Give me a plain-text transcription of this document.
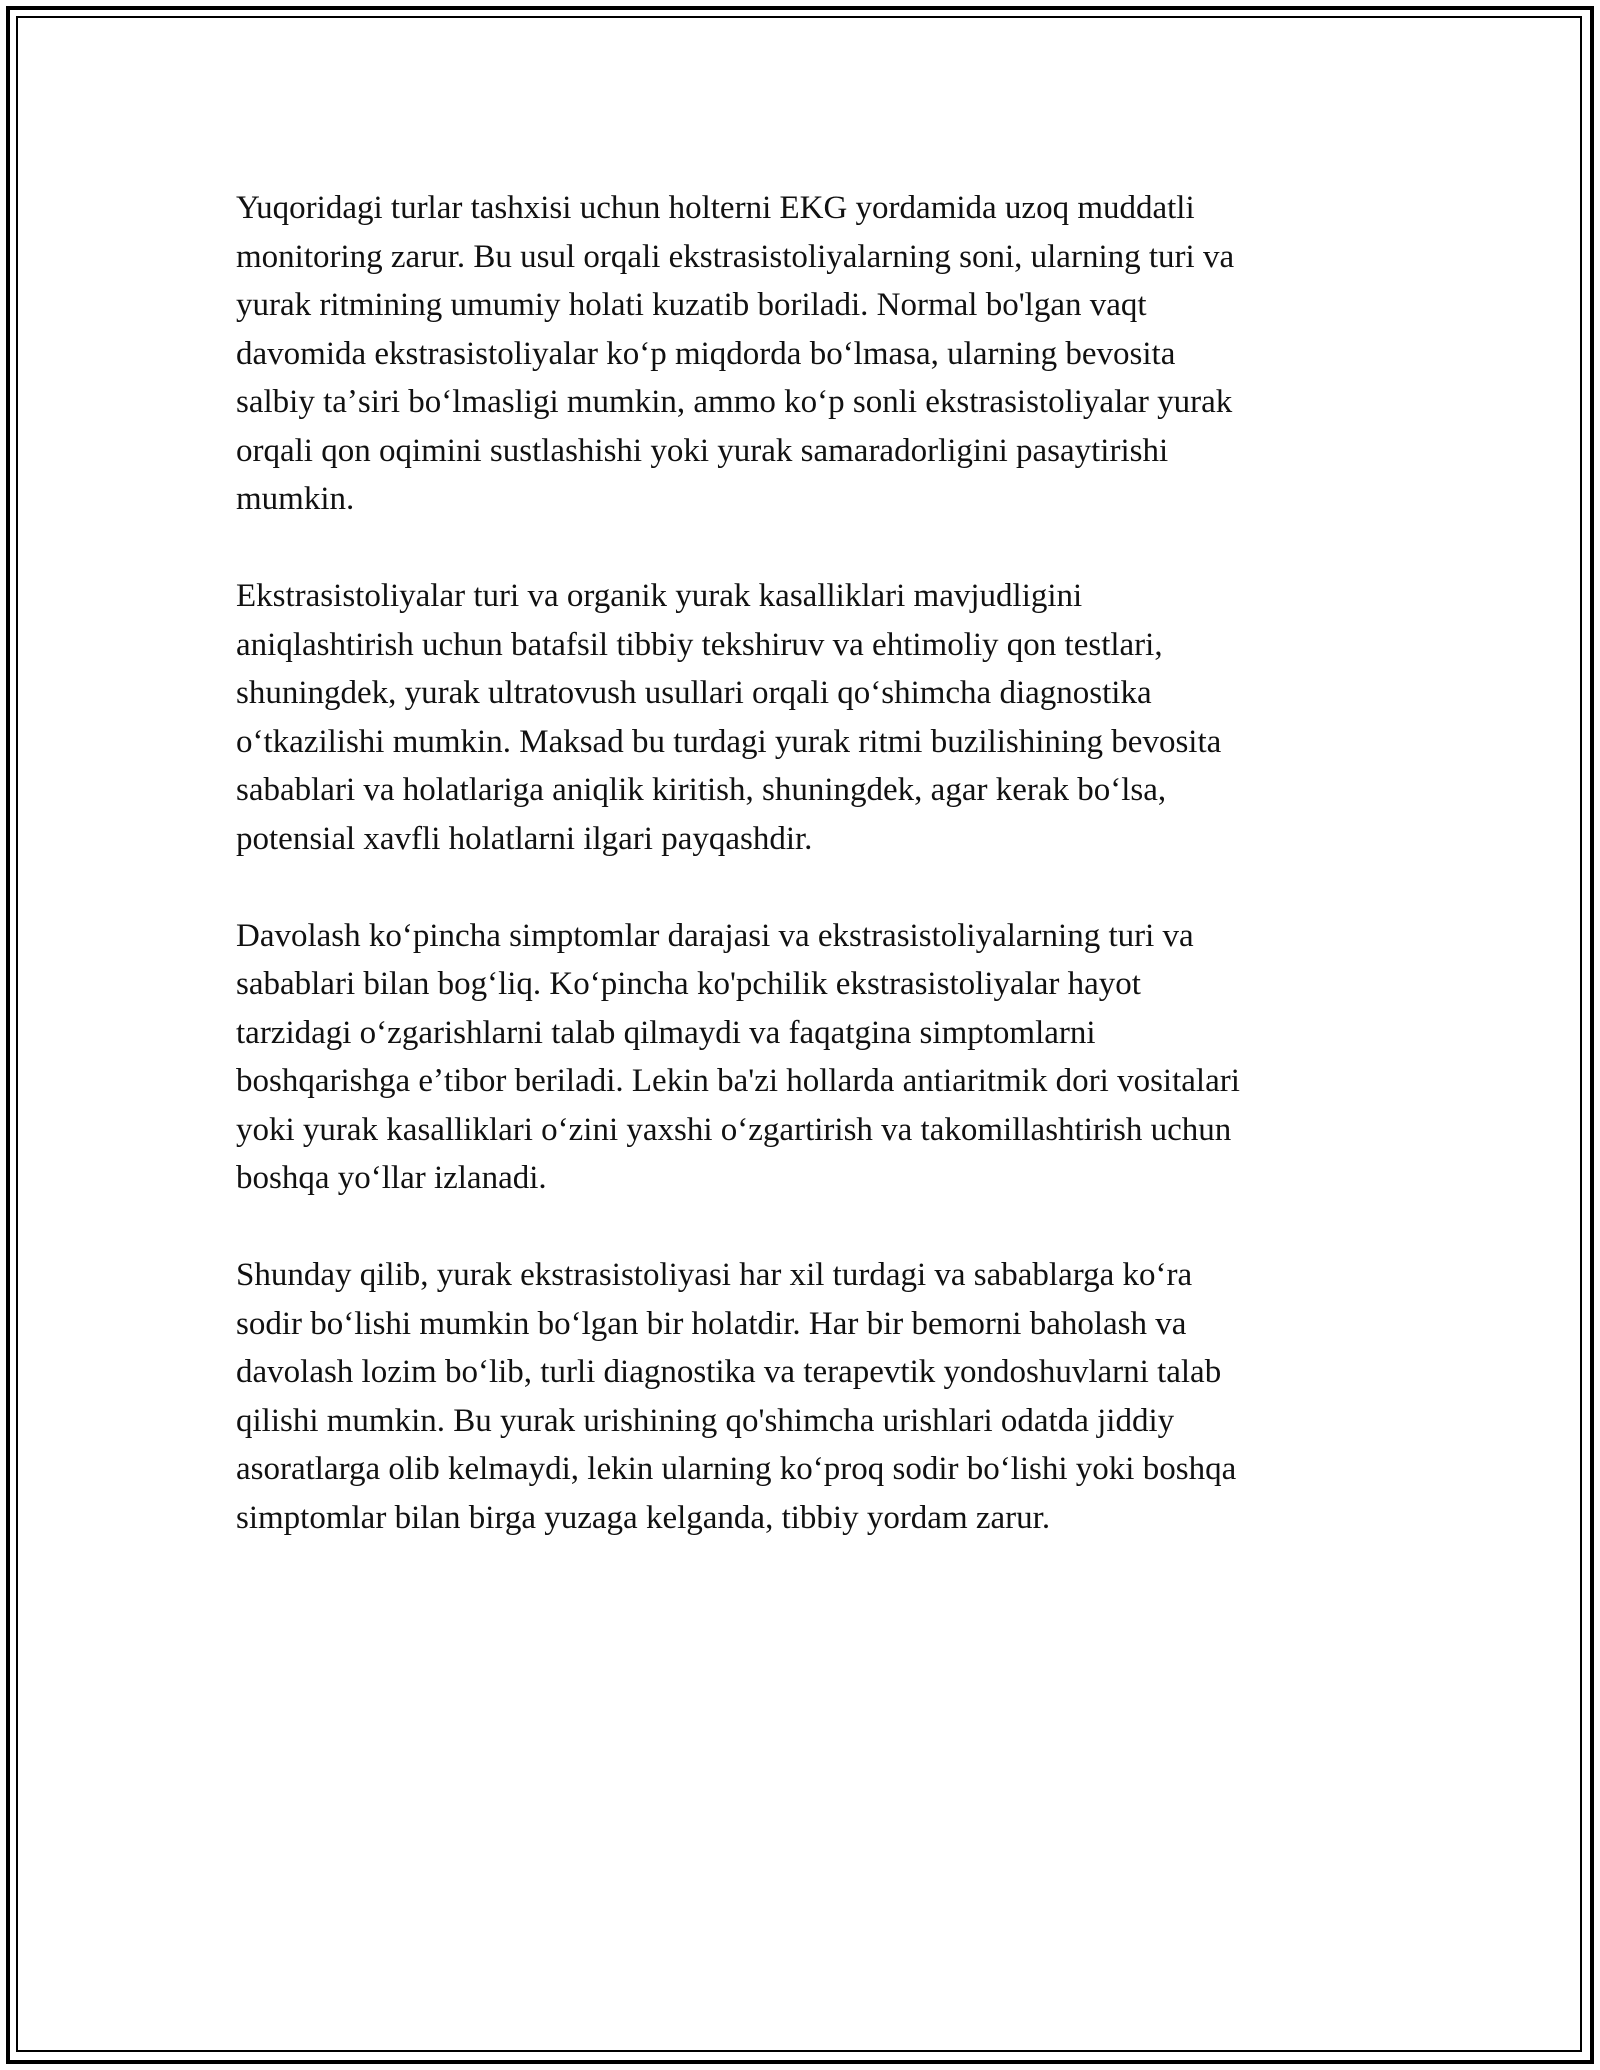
Yuqoridagi turlar tashxisi uchun holterni EKG yordamida uzoq muddatli
monitoring zarur. Bu usul orqali ekstrasistoliyalarning soni, ularning turi va
yurak ritmining umumiy holati kuzatib boriladi. Normal bo'lgan vaqt
davomida ekstrasistoliyalar koʻp miqdorda boʻlmasa, ularning bevosita
salbiy taʼsiri boʻlmasligi mumkin, ammo koʻp sonli ekstrasistoliyalar yurak
orqali qon oqimini sustlashishi yoki yurak samaradorligini pasaytirishi
mumkin.

Ekstrasistoliyalar turi va organik yurak kasalliklari mavjudligini
aniqlashtirish uchun batafsil tibbiy tekshiruv va ehtimoliy qon testlari,
shuningdek, yurak ultratovush usullari orqali qoʻshimcha diagnostika
oʻtkazilishi mumkin. Maksad bu turdagi yurak ritmi buzilishining bevosita
sabablari va holatlariga aniqlik kiritish, shuningdek, agar kerak boʻlsa,
potensial xavfli holatlarni ilgari payqashdir.

Davolash koʻpincha simptomlar darajasi va ekstrasistoliyalarning turi va
sabablari bilan bogʻliq. Koʻpincha ko'pchilik ekstrasistoliyalar hayot
tarzidagi oʻzgarishlarni talab qilmaydi va faqatgina simptomlarni
boshqarishga eʼtibor beriladi. Lekin ba'zi hollarda antiaritmik dori vositalari
yoki yurak kasalliklari oʻzini yaxshi oʻzgartirish va takomillashtirish uchun
boshqa yoʻllar izlanadi.

Shunday qilib, yurak ekstrasistoliyasi har xil turdagi va sabablarga koʻra
sodir boʻlishi mumkin boʻlgan bir holatdir. Har bir bemorni baholash va
davolash lozim boʻlib, turli diagnostika va terapevtik yondoshuvlarni talab
qilishi mumkin. Bu yurak urishining qo'shimcha urishlari odatda jiddiy
asoratlarga olib kelmaydi, lekin ularning koʻproq sodir boʻlishi yoki boshqa
simptomlar bilan birga yuzaga kelganda, tibbiy yordam zarur.
